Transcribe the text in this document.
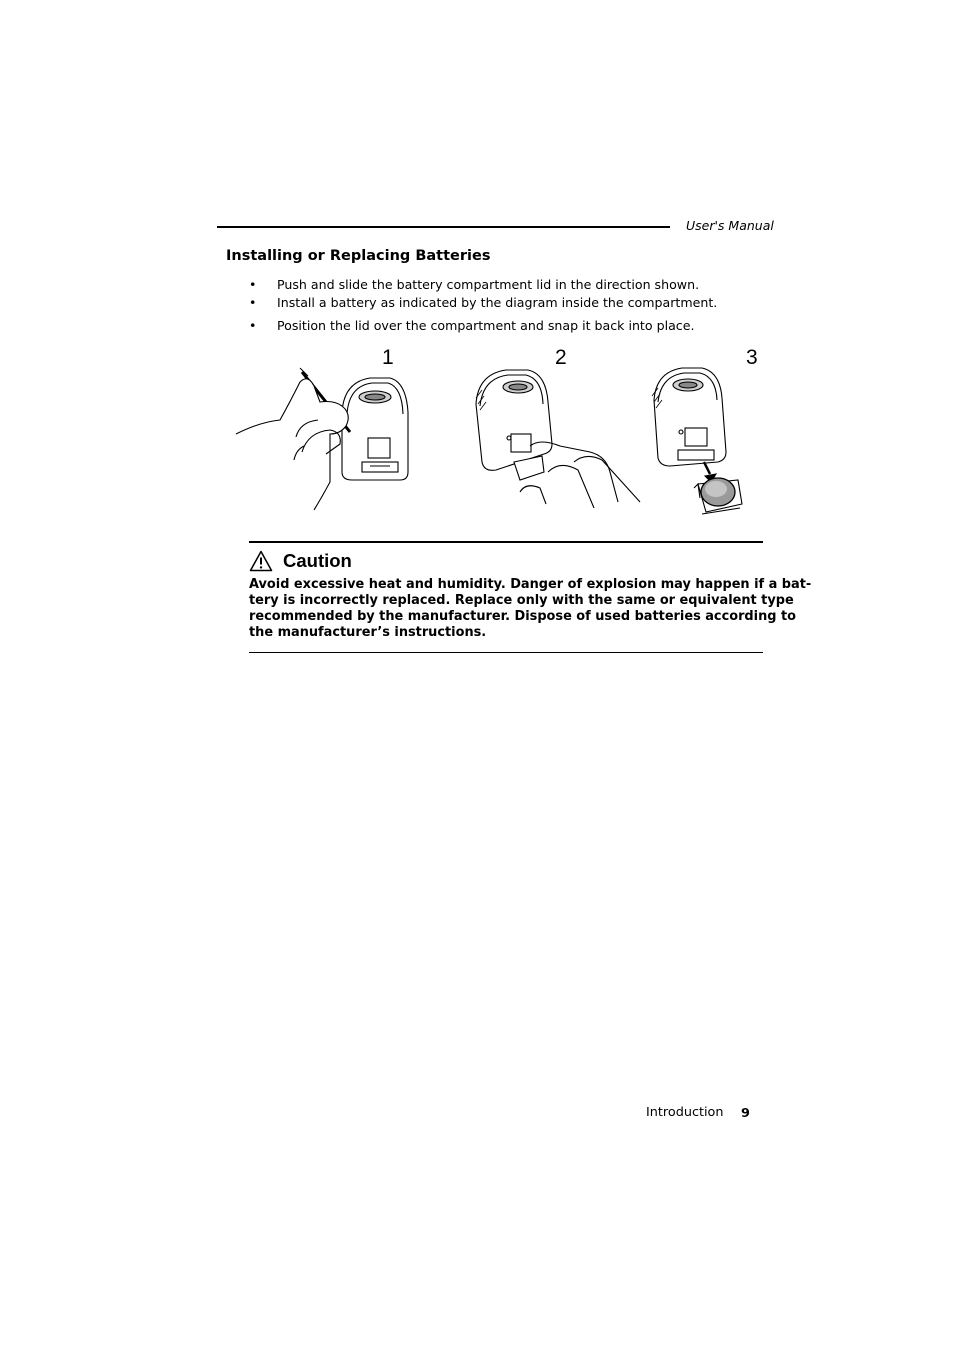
User's Manual
Installing or Replacing Batteries
• Push and slide the battery compartment lid in the direction shown.
• Install a battery as indicated by the diagram inside the compartment.
• Position the lid over the compartment and snap it back into place.
1	2	3
Caution
Avoid excessive heat and humidity. Danger of explosion may happen if a bat-
tery is incorrectly replaced. Replace only with the same or equivalent type
recommended by the manufacturer. Dispose of used batteries according to
the manufacturer’s instructions.
Introduction 9
